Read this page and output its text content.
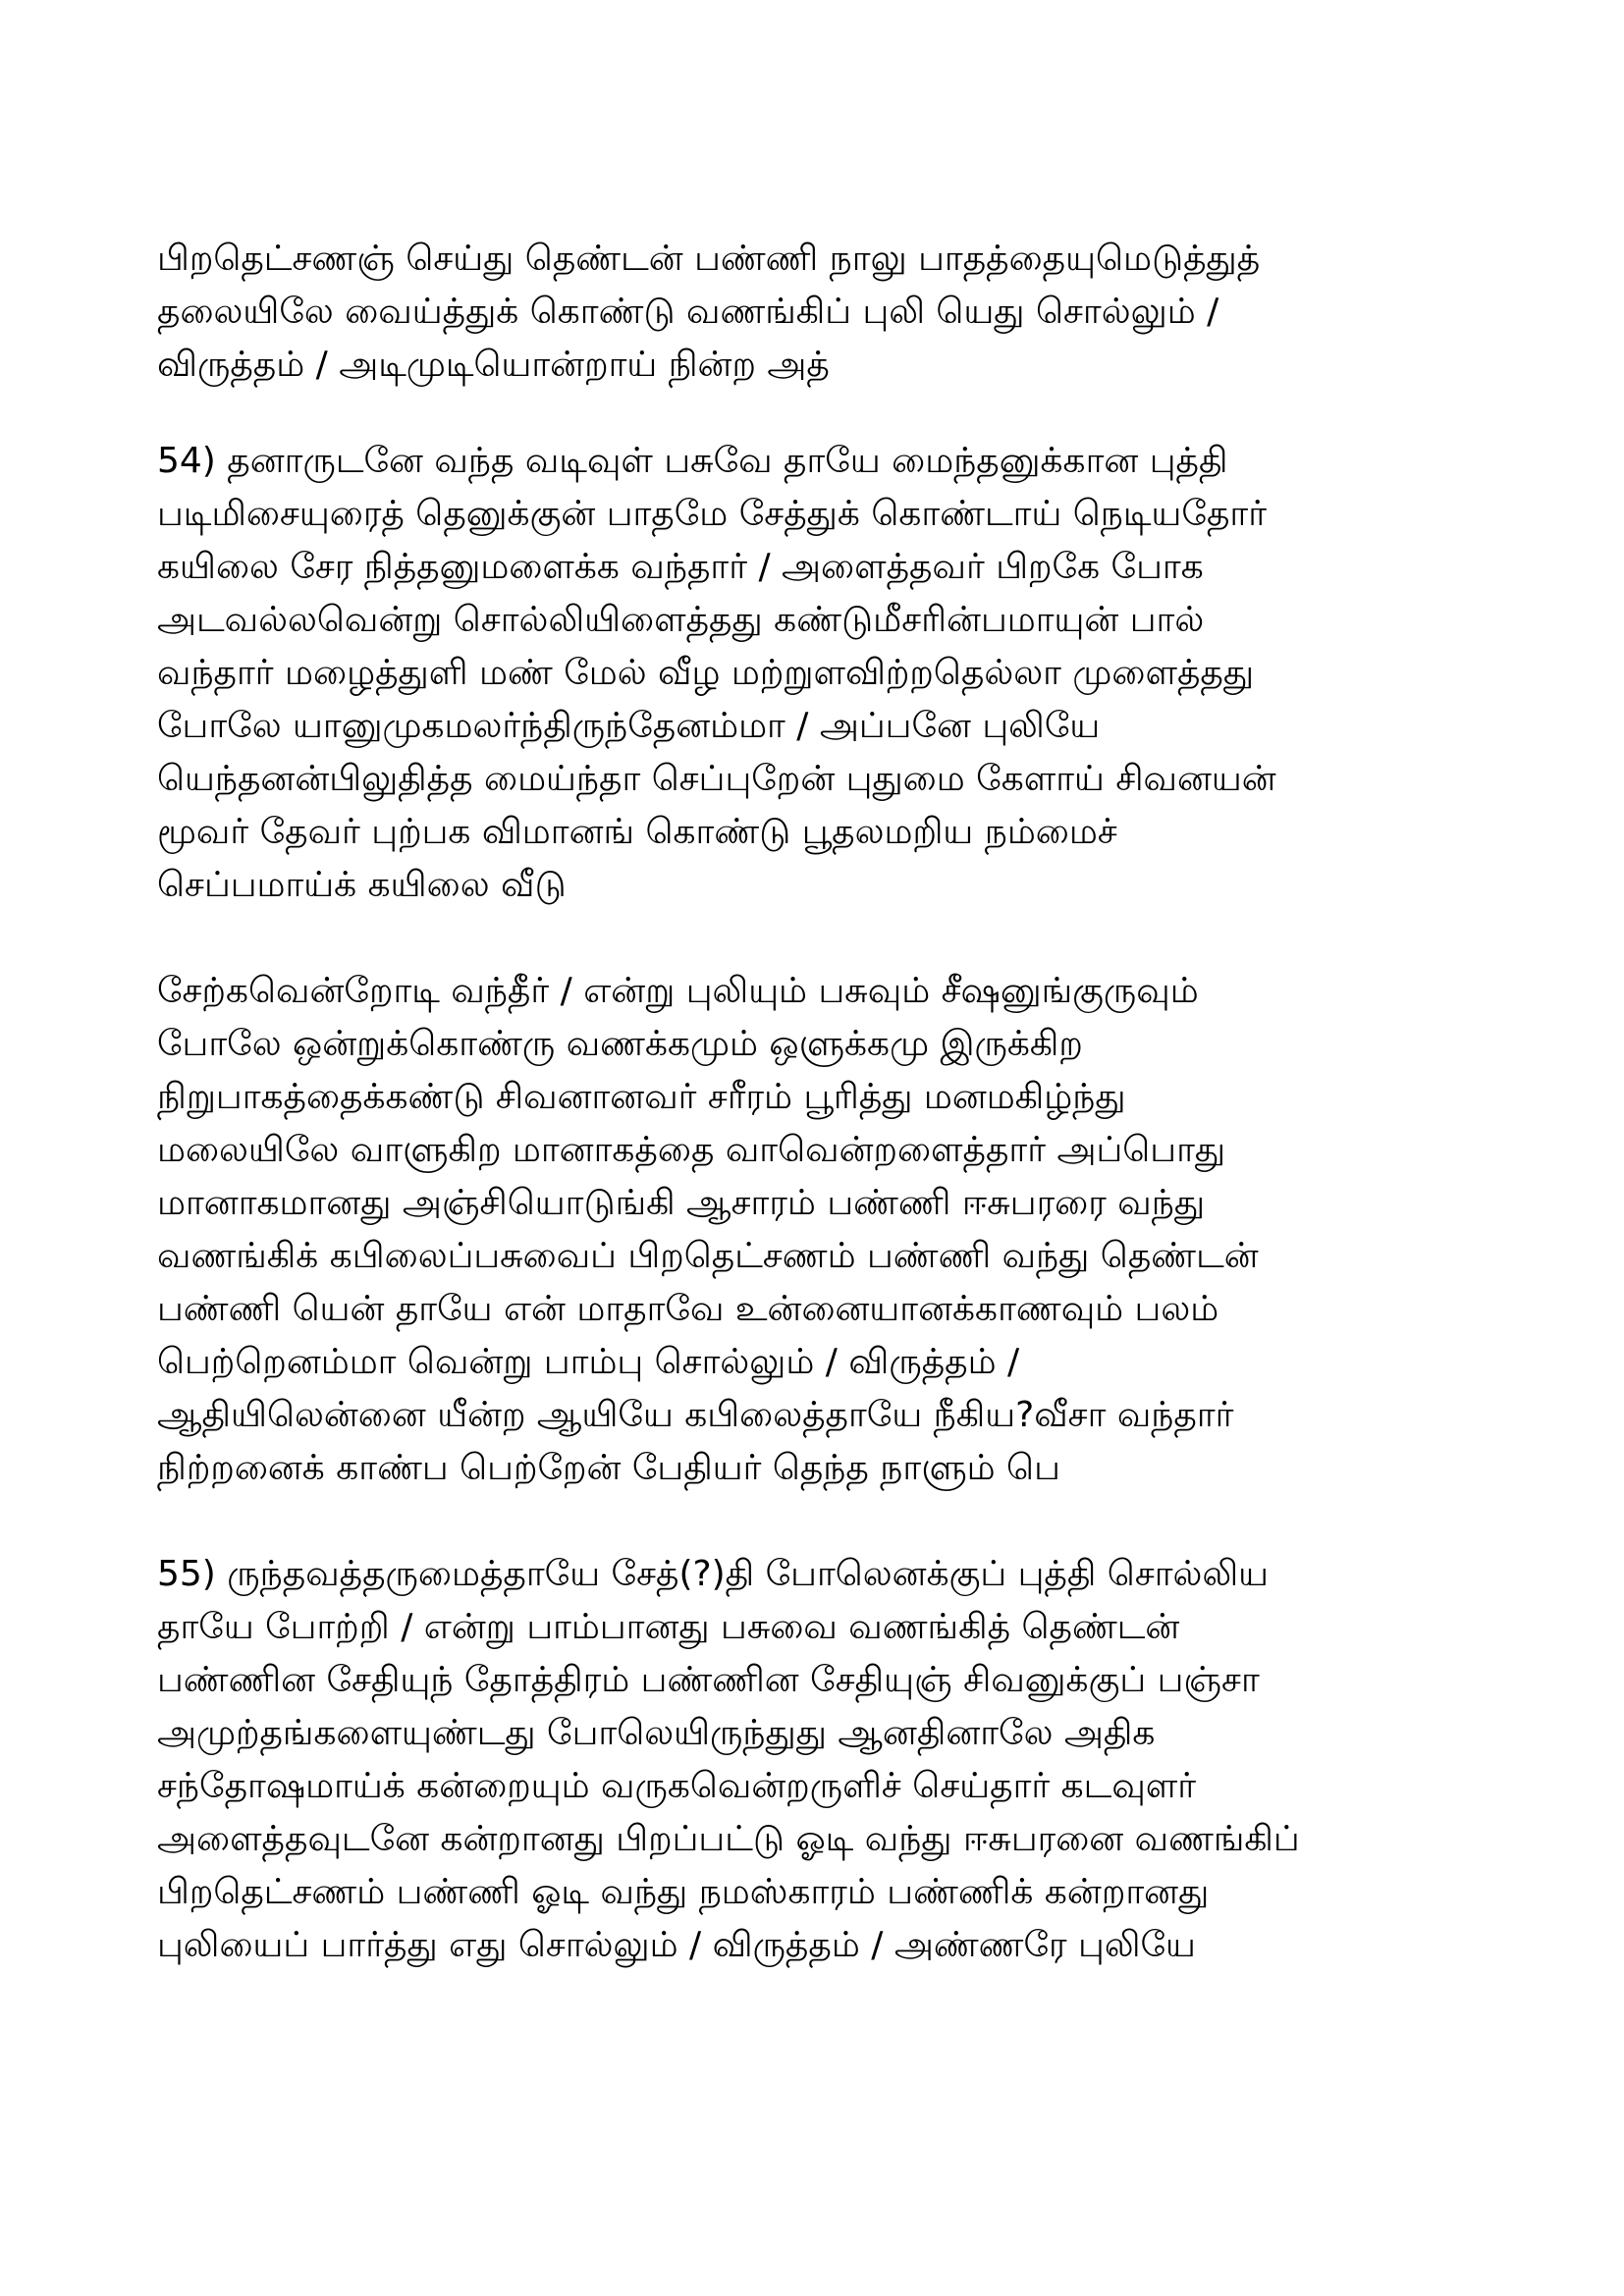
பிறதெட்சணஞ் செய்து தெண்டன் பண்ணி நாலு பாதத்தையுமெடுத்துத்
தலையிலே வைய்த்துக் கொண்டு வணங்கிப் புலி யெது சொல்லும் /
விருத்தம் / அடிமுடியொன்றாய் நின்ற அத்
54) தனாருடனே வந்த வடிவுள் பசுவே தாயே மைந்தனுக்கான புத்தி
படிமிசையுரைத் தெனுக்குன் பாதமே சேத்துக் கொண்டாய் நெடியதோர்
கயிலை சேர நித்தனுமளைக்க வந்தார் / அளைத்தவர் பிறகே போக
அடவல்லவென்று சொல்லியிளைத்தது கண்டுமீசரின்பமாயுன் பால்
வந்தார் மழைத்துளி மண் மேல் வீழ மற்றுளவிற்றதெல்லா முளைத்தது
போலே யானுமுகமலர்ந்திருந்தேனம்மா / அப்பனே புலியே
யெந்தனன்பிலுதித்த மைய்ந்தா செப்புறேன் புதுமை கேளாய் சிவனயன்
மூவர் தேவர் புற்பக விமானங் கொண்டு பூதலமறிய நம்மைச்
செப்பமாய்க் கயிலை வீடு
சேற்கவென்றோடி வந்தீர் / என்று புலியும் பசுவும் சீஷனுங்குருவும்
போலே ஒன்றுக்கொண்ரு வணக்கமும் ஒளுக்கமு இருக்கிற
நிறுபாகத்தைக்கண்டு சிவனானவர் சரீரம் பூரித்து மனமகிழ்ந்து
மலையிலே வாளுகிற மானாகத்தை வாவென்றளைத்தார் அப்பொது
மானாகமானது அஞ்சியொடுங்கி ஆசாரம் பண்ணி ஈசுபரரை வந்து
வணங்கிக் கபிலைப்பசுவைப் பிறதெட்சணம் பண்ணி வந்து தெண்டன்
பண்ணி யென் தாயே என் மாதாவே உன்னையானக்காணவும் பலம்
பெற்றெனம்மா வென்று பாம்பு சொல்லும் / விருத்தம் /
ஆதியிலென்னை யீன்ற ஆயியே கபிலைத்தாயே நீகிய?வீசா வந்தார்
நிற்றனைக் காண்ப பெற்றேன் பேதியர் தெந்த நாளும் பெ
55) ருந்தவத்தருமைத்தாயே சேத்(?)தி போலெனக்குப் புத்தி சொல்லிய
தாயே போற்றி / என்று பாம்பானது பசுவை வணங்கித் தெண்டன்
பண்ணின சேதியுந் தோத்திரம் பண்ணின சேதியுஞ் சிவனுக்குப் பஞ்சா
அமுற்தங்களையுண்டது போலெயிருந்துது ஆனதினாலே அதிக
சந்தோஷமாய்க் கன்றையும் வருகவென்றருளிச் செய்தார் கடவுளர்
அளைத்தவுடனே கன்றானது பிறப்பட்டு ஓடி வந்து ஈசுபரனை வணங்கிப்
பிறதெட்சணம் பண்ணி ஓடி வந்து நமஸ்காரம் பண்ணிக் கன்றானது
புலியைப் பார்த்து எது சொல்லும் / விருத்தம் / அண்ணரே புலியே
